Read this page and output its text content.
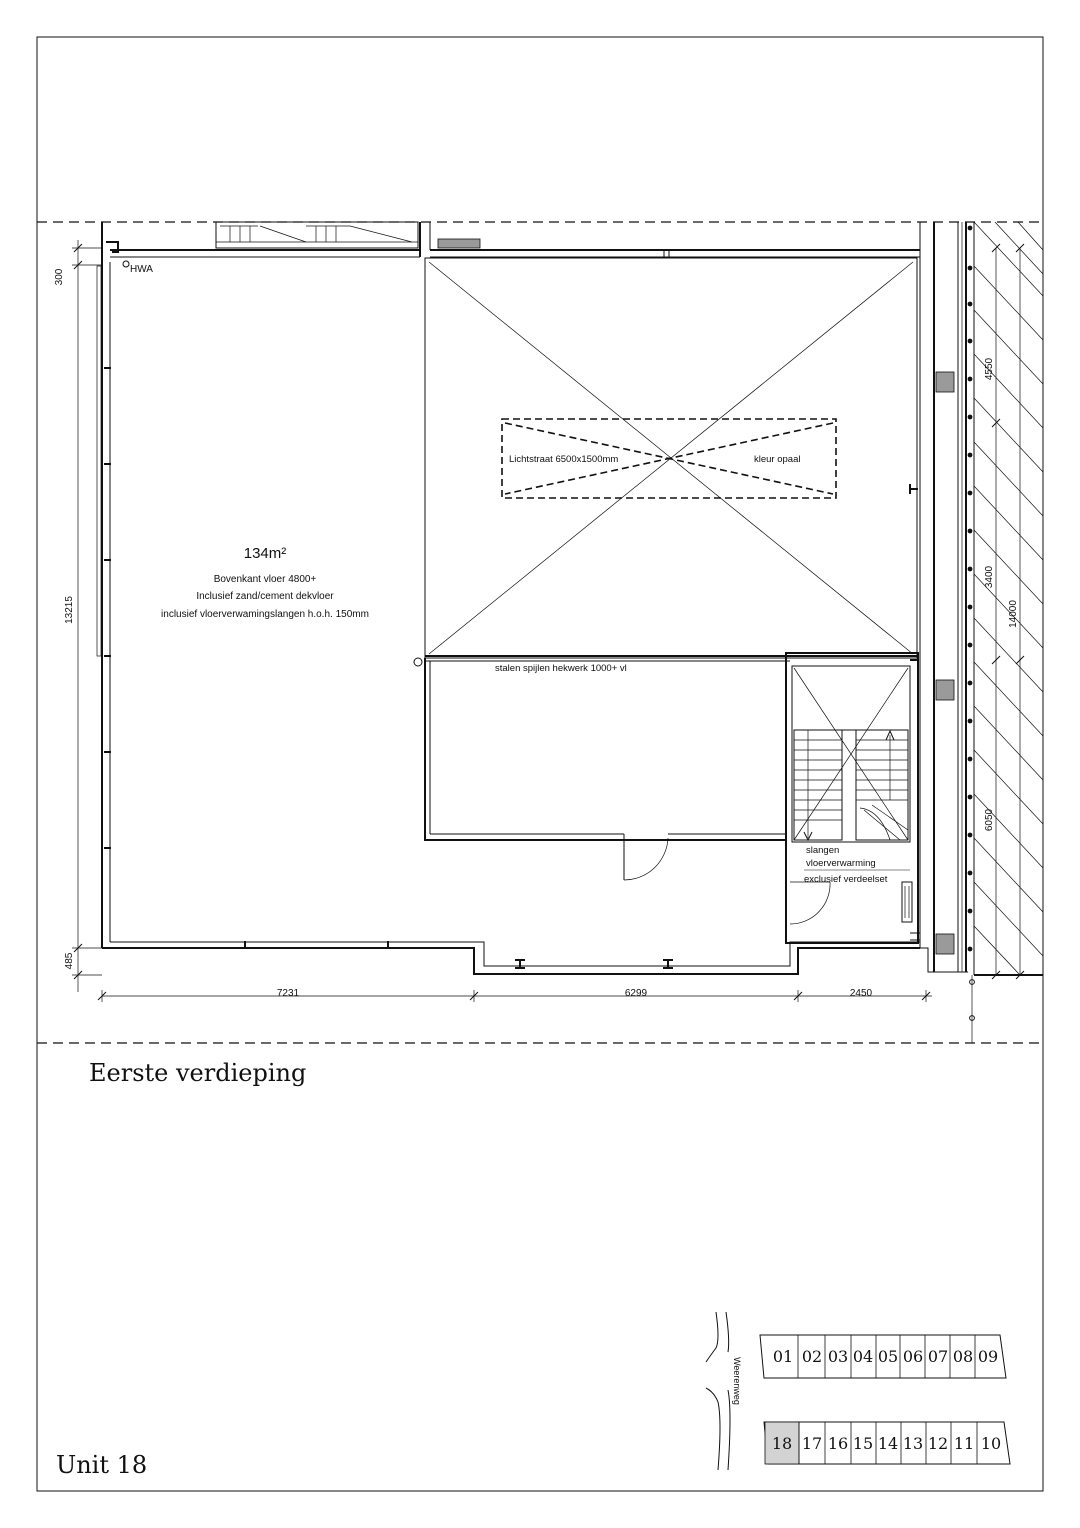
HWA
134m²
Bovenkant vloer 4800+
Inclusief zand/cement dekvloer
inclusief vloerverwamingslangen h.o.h. 150mm
Lichtstraat 6500x1500mm	kleur opaal
stalen spijlen hekwerk 1000+ vl
slangen
vloerverwarming
exclusief verdeelset
7231	6299	2450
300
13215
485
4550
3400
6050
14000
Eerste verdieping
Unit 18
Weerenweg
01 02 03 04 05 06 07 08 09
18 17 16 15 14 13 12 11 10
